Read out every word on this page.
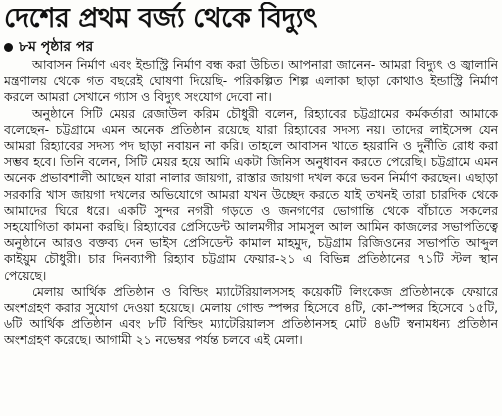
দেশের প্রথম বর্জ্য থেকে বিদ্যুৎ
৮ম পৃষ্ঠার পর

আবাসন নির্মাণ এবং ইন্ডাস্ট্রি নির্মাণ বন্ধ করা উচিত। আপনারা জানেন- আমরা বিদ্যুৎ ও জ্বালানি মন্ত্রণালয় থেকে গত বছরেই ঘোষণা দিয়েছি- পরিকল্পিত শিল্প এলাকা ছাড়া কোথাও ইন্ডাস্ট্রি নির্মাণ করলে আমরা সেখানে গ্যাস ও বিদ্যুৎ সংযোগ দেবো না।

অনুষ্ঠানে সিটি মেয়র রেজাউল করিম চৌধুরী বলেন, রিহ্যাবের চট্টগ্রামের কর্মকর্তারা আমাকে বলেছেন- চট্টগ্রামে এমন অনেক প্রতিষ্ঠান রয়েছে যারা রিহ্যাবের সদস্য নয়। তাদের লাইসেন্স যেন আমরা রিহ্যাবের সদস্য পদ ছাড়া নবায়ন না করি। তাহলে আবাসন খাতে হয়রানি ও দুর্নীতি রোধ করা সম্ভব হবে। তিনি বলেন, সিটি মেয়র হয়ে আমি একটা জিনিস অনুধাবন করতে পেরেছি। চট্টগ্রামে এমন অনেক প্রভাবশালী আছেন যারা নালার জায়গা, রাস্তার জায়গা দখল করে ভবন নির্মাণ করছেন। এছাড়া সরকারি খাস জায়গা দখলের অভিযোগে আমরা যখন উচ্ছেদ করতে যাই তখনই তারা চারদিক থেকে আমাদের ঘিরে ধরে। একটি সুন্দর নগরী গড়তে ও জনগণের ভোগান্তি থেকে বাঁচাতে সকলের সহযোগিতা কামনা করছি। রিহ্যাবের প্রেসিডেন্ট আলমগীর সামসুল আল আমিন কাজলের সভাপতিত্বে অনুষ্ঠানে আরও বক্তব্য দেন ভাইস প্রেসিডেন্ট কামাল মাহমুদ, চট্টগ্রাম রিজিওনের সভাপতি আব্দুল কাইয়ুম চৌধুরী। চার দিনব্যাপী রিহ্যাব চট্টগ্রাম ফেয়ার-২১ এ বিভিন্ন প্রতিষ্ঠানের ৭১টি স্টল স্থান পেয়েছে।

মেলায় আর্থিক প্রতিষ্ঠান ও বিল্ডিং ম্যাটেরিয়ালসসহ কয়েকটি লিংকেজ প্রতিষ্ঠানকে ফেয়ারে অংশগ্রহণ করার সুযোগ দেওয়া হয়েছে। মেলায় গোল্ড স্পন্সর হিসেবে ৪টি, কো-স্পন্সর হিসেবে ১৫টি, ৬টি আর্থিক প্রতিষ্ঠান এবং ৮টি বিল্ডিং ম্যাটেরিয়ালস প্রতিষ্ঠানসহ মোট ৪৬টি স্বনামধন্য প্রতিষ্ঠান অংশগ্রহণ করেছে। আগামী ২১ নভেম্বর পর্যন্ত চলবে এই মেলা।
